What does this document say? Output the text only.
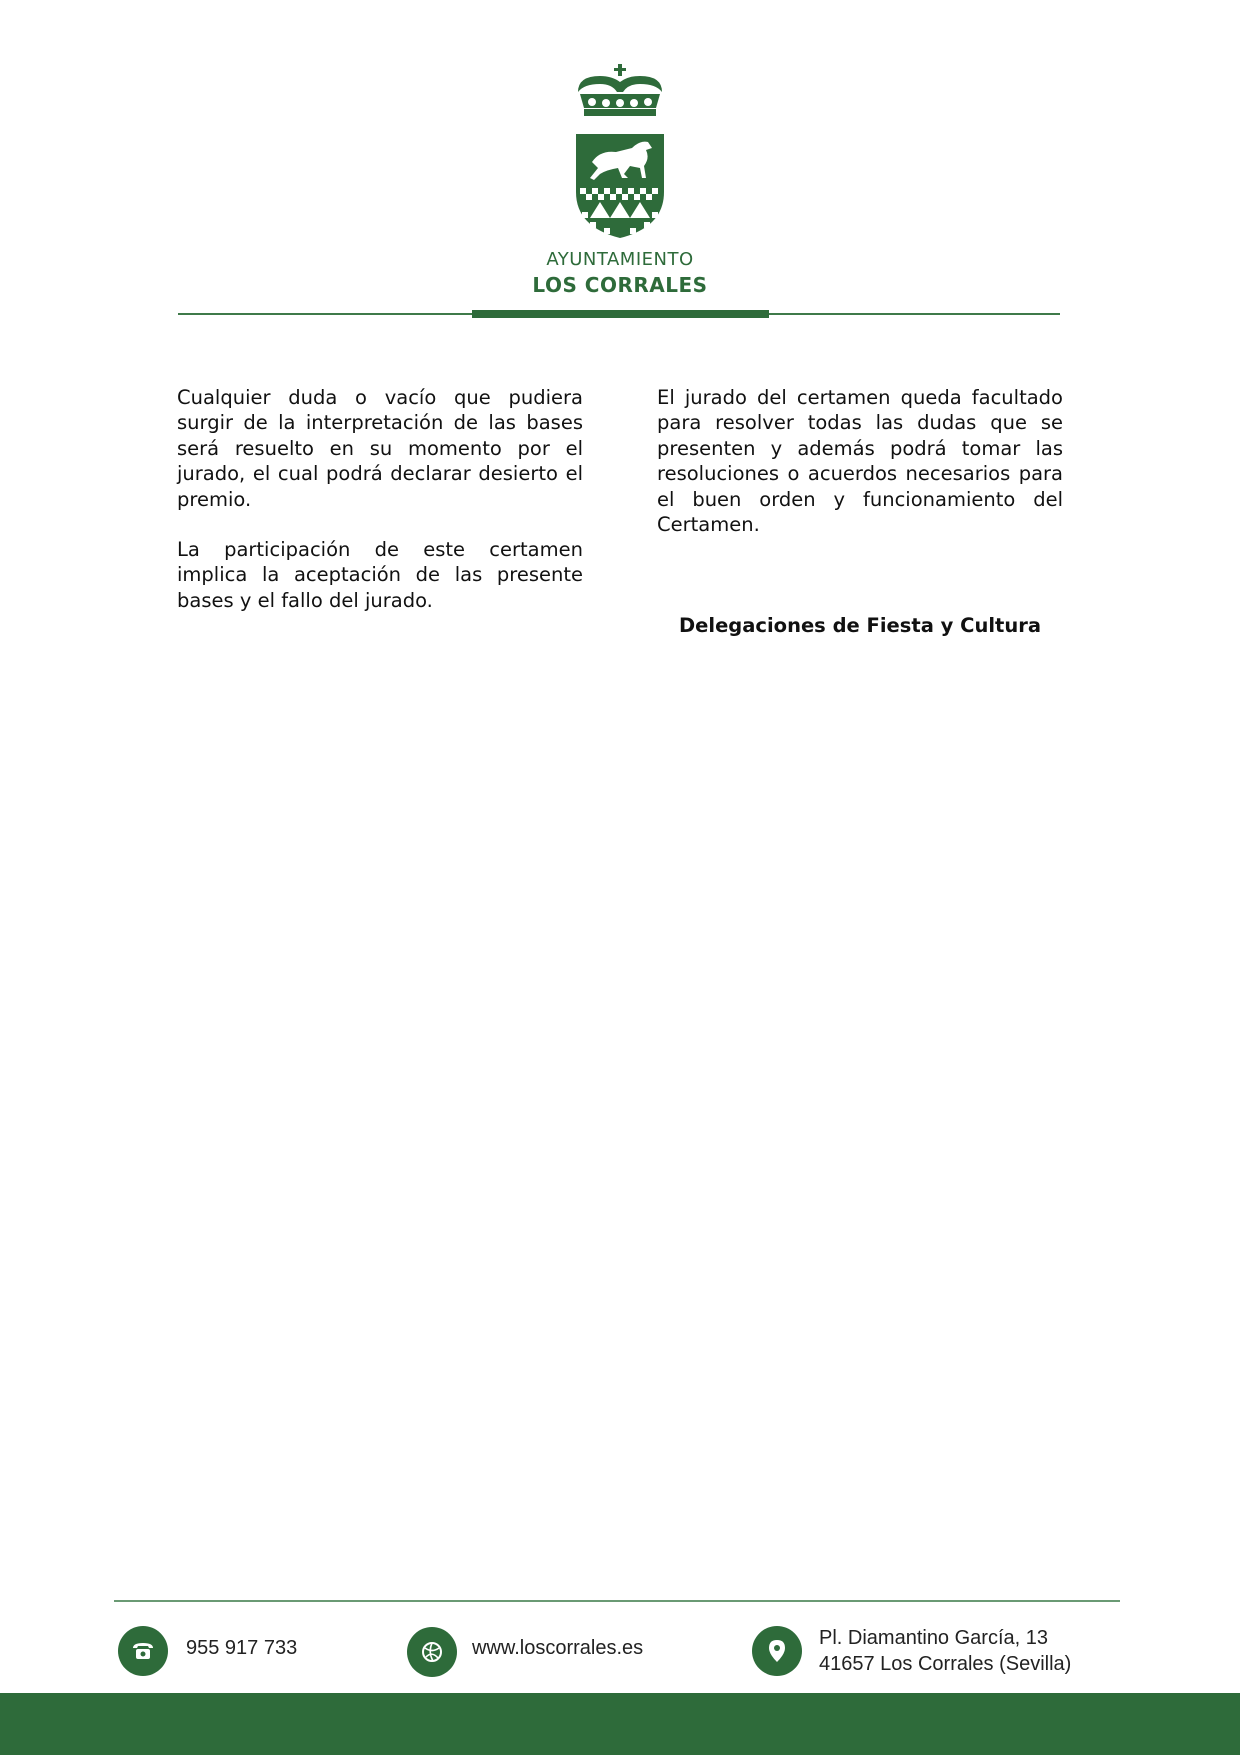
AYUNTAMIENTO
LOS CORRALES

Cualquier duda o vacío que pudiera surgir de la interpretación de las bases será resuelto en su momento por el jurado, el cual podrá declarar desierto el premio.

La participación de este certamen implica la aceptación de las presente bases y el fallo del jurado.

El jurado del certamen queda facultado para resolver todas las dudas que se presenten y además podrá tomar las resoluciones o acuerdos necesarios para el buen orden y funcionamiento del Certamen.

Delegaciones de Fiesta y Cultura
955 917 733	www.loscorrales.es	Pl. Diamantino García, 13
41657 Los Corrales (Sevilla)
